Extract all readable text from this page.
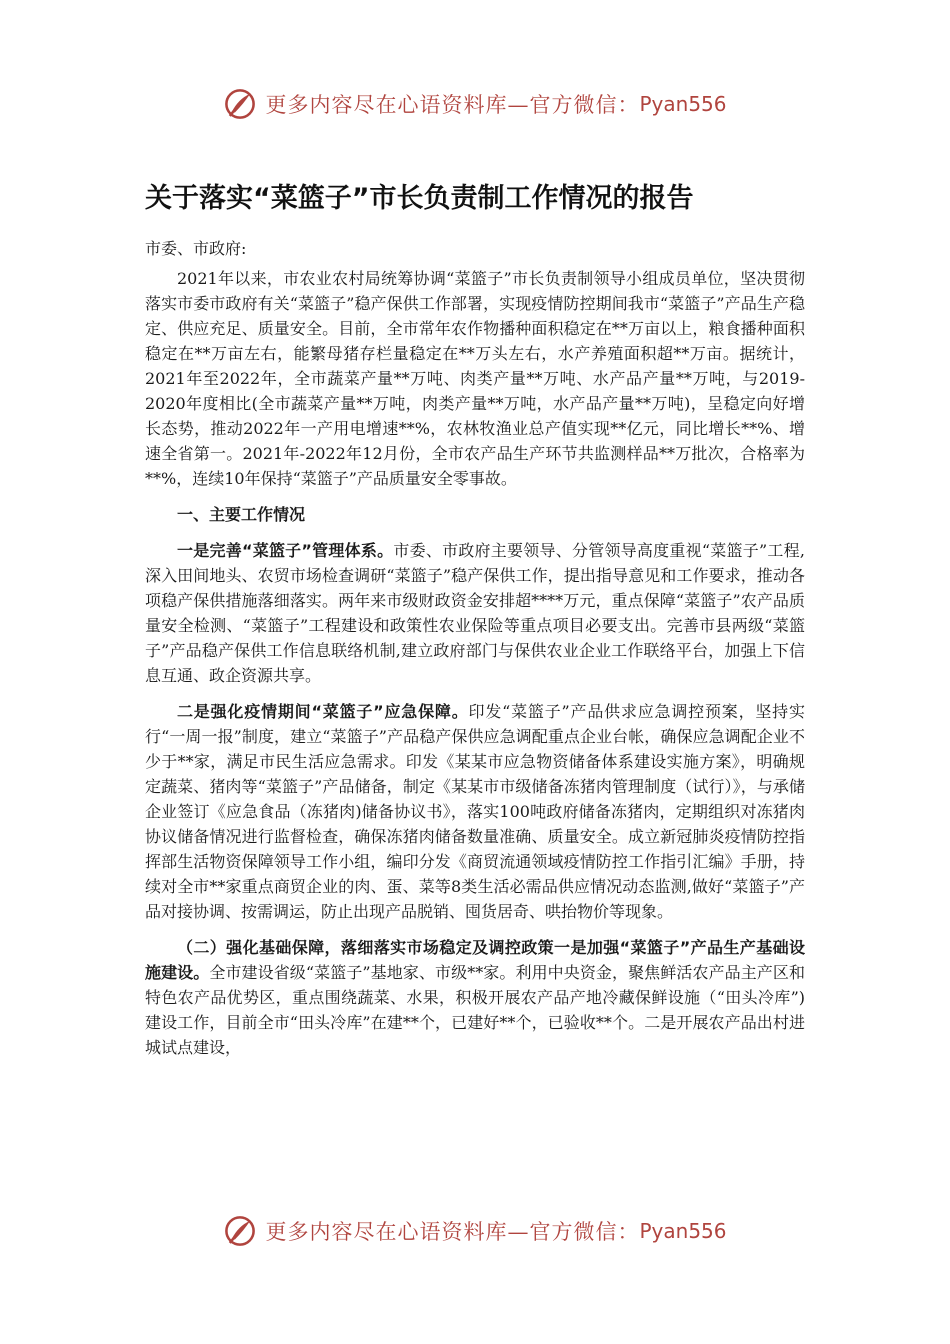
更多内容尽在心语资料库—官方微信： Pyan556
关于落实“菜篮子”市长负责制工作情况的报告
市委、市政府:

2021年以来，市农业农村局统筹协调“菜篮子”市长负责制领导小组成员单位，坚决贯彻落实市委市政府有关“菜篮子”稳产保供工作部署，实现疫情防控期间我市“菜篮子”产品生产稳定、供应充足、质量安全。目前，全市常年农作物播种面积稳定在**万亩以上，粮食播种面积稳定在**万亩左右，能繁母猪存栏量稳定在**万头左右，水产养殖面积超**万亩。据统计，2021年至2022年，全市蔬菜产量**万吨、肉类产量**万吨、水产品产量**万吨，与2019-2020年度相比(全市蔬菜产量**万吨，肉类产量**万吨，水产品产量**万吨)，呈稳定向好增长态势，推动2022年一产用电增速**%，农林牧渔业总产值实现**亿元，同比增长**%、增速全省第一。2021年-2022年12月份，全市农产品生产环节共监测样品**万批次，合格率为**%，连续10年保持“菜篮子”产品质量安全零事故。

一、主要工作情况

一是完善“菜篮子”管理体系。市委、市政府主要领导、分管领导高度重视“菜篮子”工程,深入田间地头、农贸市场检查调研“菜篮子”稳产保供工作，提出指导意见和工作要求，推动各项稳产保供措施落细落实。两年来市级财政资金安排超****万元，重点保障“菜篮子”农产品质量安全检测、“菜篮子”工程建设和政策性农业保险等重点项目必要支出。完善市县两级“菜篮子”产品稳产保供工作信息联络机制,建立政府部门与保供农业企业工作联络平台，加强上下信息互通、政企资源共享。

二是强化疫情期间“菜篮子”应急保障。印发“菜篮子”产品供求应急调控预案，坚持实行“一周一报”制度，建立“菜篮子”产品稳产保供应急调配重点企业台帐，确保应急调配企业不少于**家，满足市民生活应急需求。印发《某某市应急物资储备体系建设实施方案》，明确规定蔬菜、猪肉等“菜篮子”产品储备，制定《某某市市级储备冻猪肉管理制度（试行）》，与承储企业签订《应急食品（冻猪肉)储备协议书》，落实100吨政府储备冻猪肉，定期组织对冻猪肉协议储备情况进行监督检查，确保冻猪肉储备数量准确、质量安全。成立新冠肺炎疫情防控指挥部生活物资保障领导工作小组，编印分发《商贸流通领域疫情防控工作指引汇编》手册，持续对全市**家重点商贸企业的肉、蛋、菜等8类生活必需品供应情况动态监测,做好“菜篮子”产品对接协调、按需调运，防止出现产品脱销、囤货居奇、哄抬物价等现象。

（二）强化基础保障，落细落实市场稳定及调控政策一是加强“菜篮子”产品生产基础设施建设。全市建设省级“菜篮子”基地家、市级**家。利用中央资金，聚焦鲜活农产品主产区和特色农产品优势区，重点围绕蔬菜、水果，积极开展农产品产地冷藏保鲜设施（“田头冷库”)建设工作，目前全市“田头冷库”在建**个，已建好**个，已验收**个。二是开展农产品出村进城试点建设，

更多内容尽在心语资料库—官方微信： Pyan556
